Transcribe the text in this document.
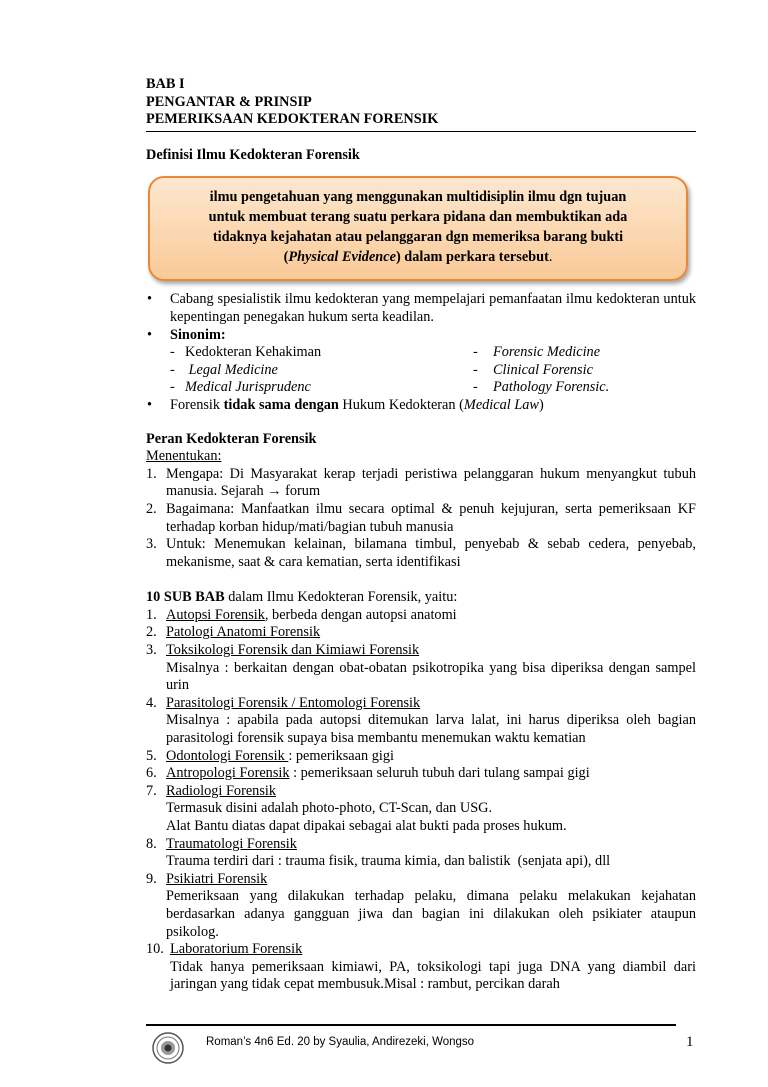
BAB I
PENGANTAR & PRINSIP
PEMERIKSAAN KEDOKTERAN FORENSIK
Definisi Ilmu Kedokteran Forensik
ilmu pengetahuan yang menggunakan multidisiplin ilmu dgn tujuan
untuk membuat terang suatu perkara pidana dan membuktikan ada
tidaknya kejahatan atau pelanggaran dgn memeriksa barang bukti
(Physical Evidence) dalam perkara tersebut.
• Cabang spesialistik ilmu kedokteran yang mempelajari pemanfaatan ilmu kedokteran untuk kepentingan penegakan hukum serta keadilan.
• Sinonim:
- Kedokteran Kehakiman	-	Forensic Medicine
- Legal Medicine	-	Clinical Forensic
- Medical Jurisprudenc	-	Pathology Forensic.
• Forensik tidak sama dengan Hukum Kedokteran (Medical Law)
Peran Kedokteran Forensik
Menentukan:
1. Mengapa: Di Masyarakat kerap terjadi peristiwa pelanggaran hukum menyangkut tubuh manusia. Sejarah → forum
2. Bagaimana: Manfaatkan ilmu secara optimal & penuh kejujuran, serta pemeriksaan KF terhadap korban hidup/mati/bagian tubuh manusia
3. Untuk: Menemukan kelainan, bilamana timbul, penyebab & sebab cedera, penyebab, mekanisme, saat & cara kematian, serta identifikasi
10 SUB BAB dalam Ilmu Kedokteran Forensik, yaitu:
1. Autopsi Forensik, berbeda dengan autopsi anatomi
2. Patologi Anatomi Forensik
3. Toksikologi Forensik dan Kimiawi Forensik
Misalnya : berkaitan dengan obat-obatan psikotropika yang bisa diperiksa dengan sampel urin
4. Parasitologi Forensik / Entomologi Forensik
Misalnya : apabila pada autopsi ditemukan larva lalat, ini harus diperiksa oleh bagian parasitologi forensik supaya bisa membantu menemukan waktu kematian
5. Odontologi Forensik : pemeriksaan gigi
6. Antropologi Forensik : pemeriksaan seluruh tubuh dari tulang sampai gigi
7. Radiologi Forensik
Termasuk disini adalah photo-photo, CT-Scan, dan USG.
Alat Bantu diatas dapat dipakai sebagai alat bukti pada proses hukum.
8. Traumatologi Forensik
Trauma terdiri dari : trauma fisik, trauma kimia, dan balistik  (senjata api), dll
9. Psikiatri Forensik
Pemeriksaan yang dilakukan terhadap pelaku, dimana pelaku melakukan kejahatan berdasarkan adanya gangguan jiwa dan bagian ini dilakukan oleh psikiater ataupun psikolog.
10. Laboratorium Forensik
Tidak hanya pemeriksaan kimiawi, PA, toksikologi tapi juga DNA yang diambil dari jaringan yang tidak cepat membusuk.Misal : rambut, percikan darah
Roman’s 4n6 Ed. 20 by Syaulia, Andirezeki, Wongso	1
